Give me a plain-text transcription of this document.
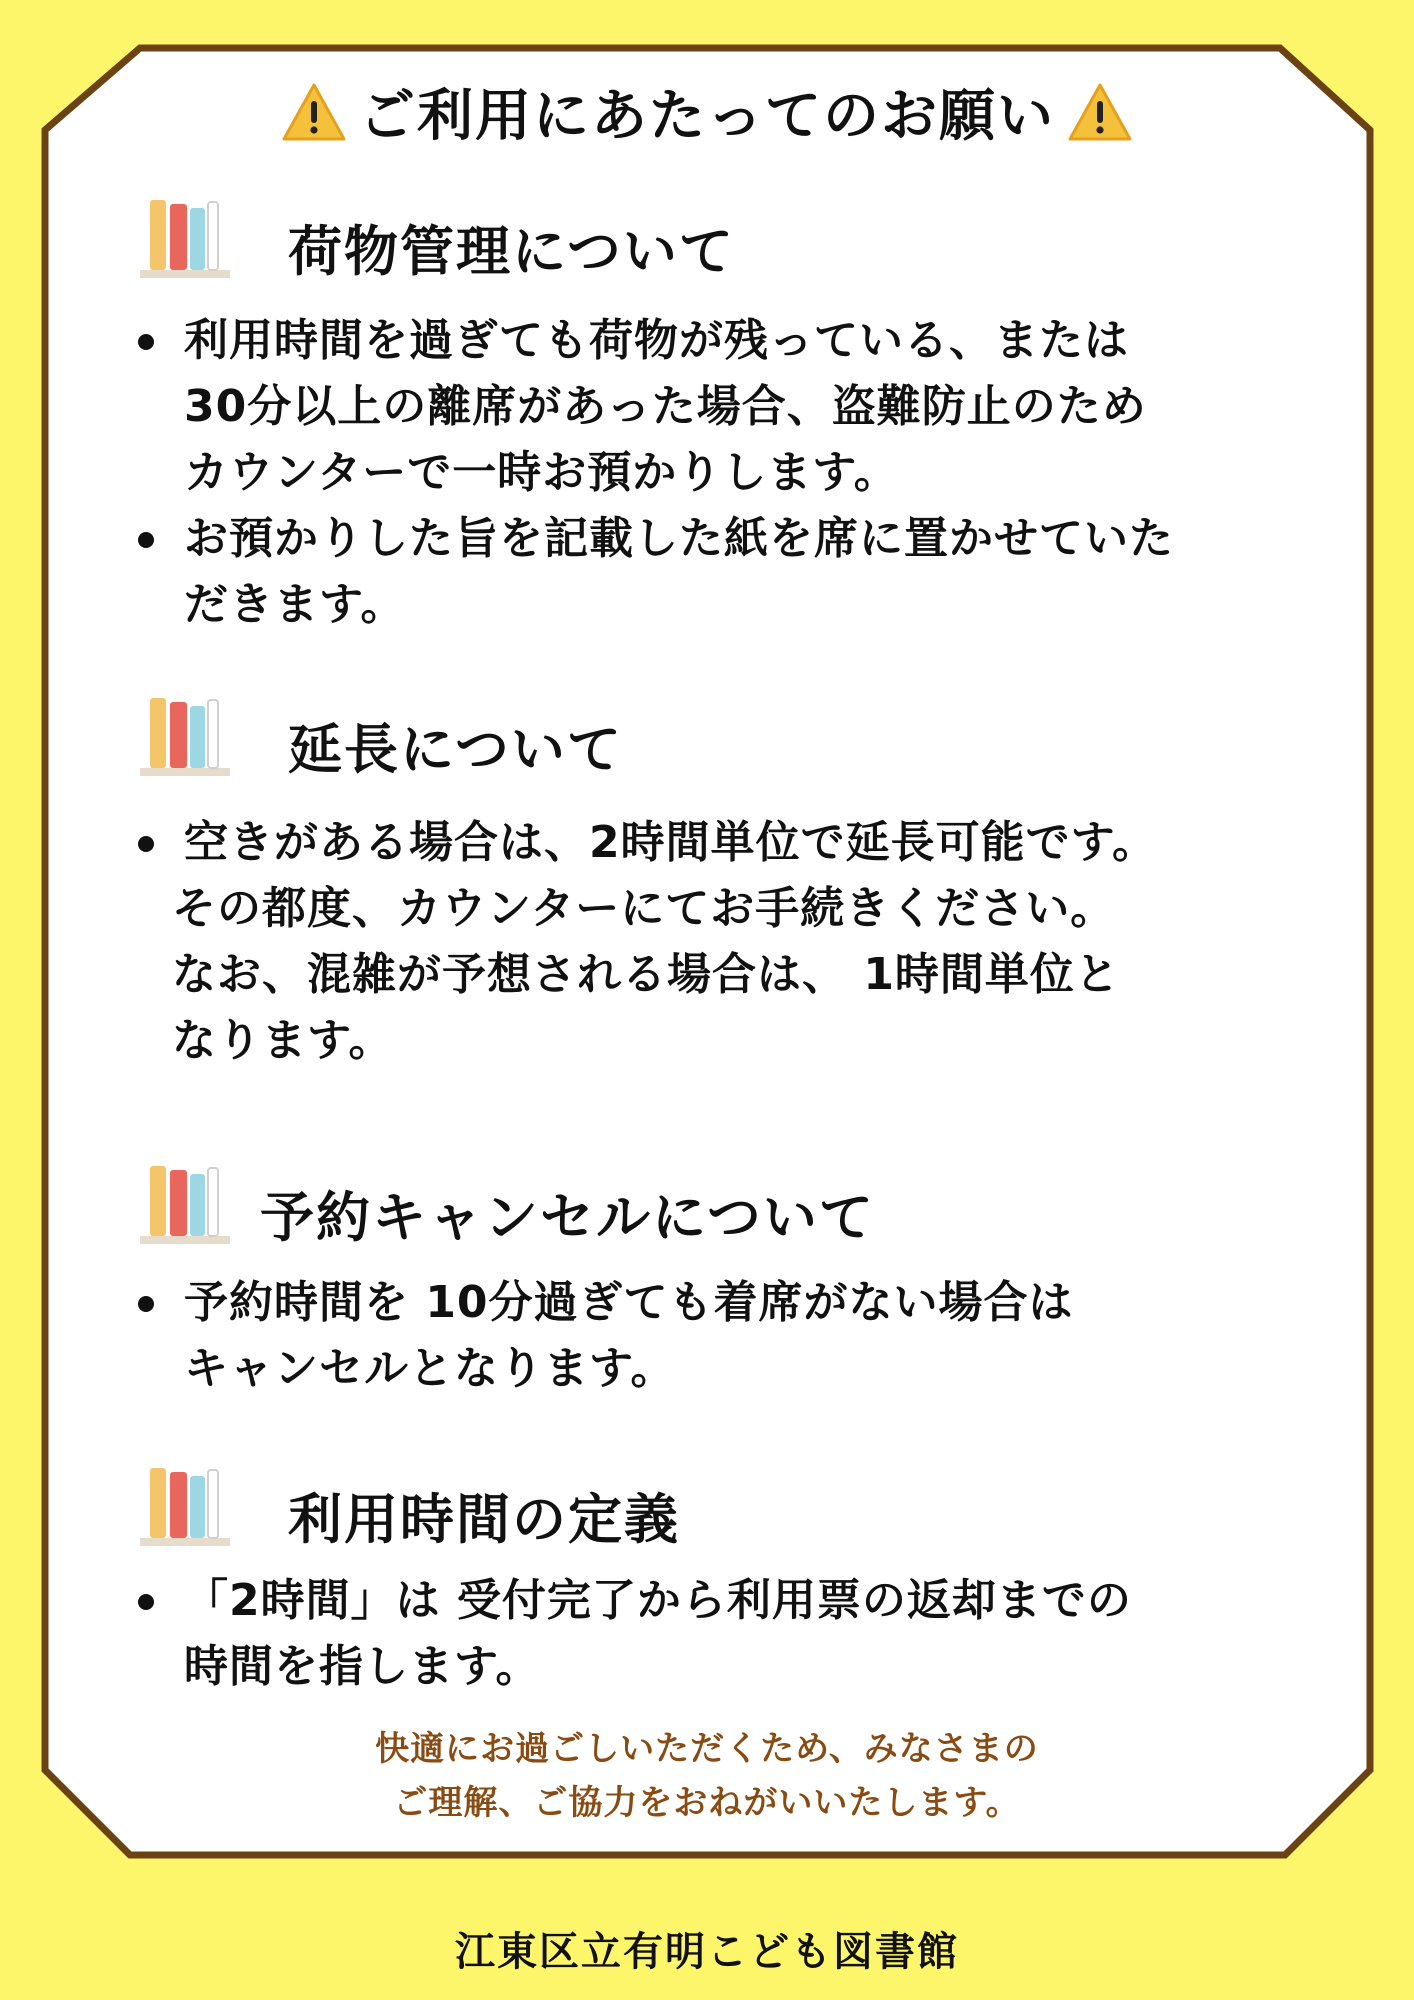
ご利用にあたってのお願い
荷物管理について
利用時間を過ぎても荷物が残っている、または
30分以上の離席があった場合、盗難防止のため
カウンターで一時お預かりします。
お預かりした旨を記載した紙を席に置かせていた
だきます。
延長について
空きがある場合は、2時間単位で延長可能です。
その都度、カウンターにてお手続きください。
なお、混雑が予想される場合は、 1時間単位と
なります。
予約キャンセルについて
予約時間を 10分過ぎても着席がない場合は
キャンセルとなります。
利用時間の定義
「2時間」は 受付完了から利用票の返却までの
時間を指します。
快適にお過ごしいただくため、みなさまの
ご理解、ご協力をおねがいいたします。
江東区立有明こども図書館
